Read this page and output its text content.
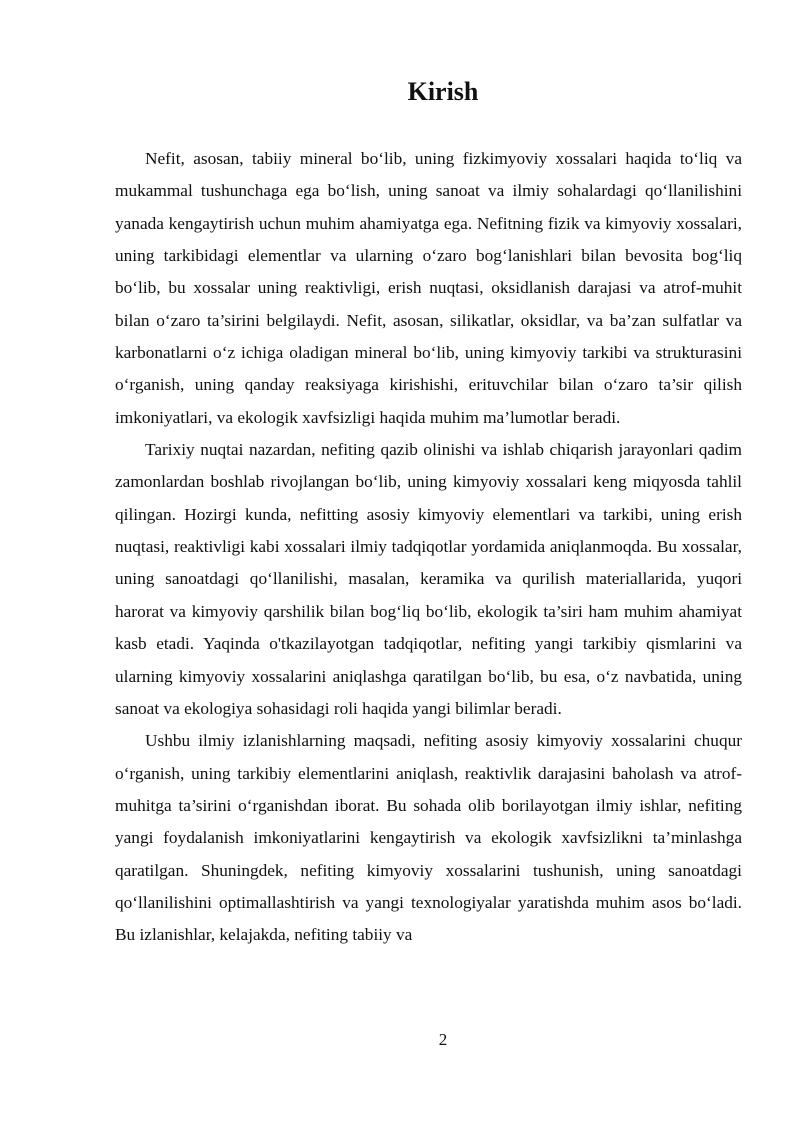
Kirish

Nefit, asosan, tabiiy mineral bo‘lib, uning fizkimyoviy xossalari haqida to‘liq va mukammal tushunchaga ega bo‘lish, uning sanoat va ilmiy sohalardagi qo‘llanilishini yanada kengaytirish uchun muhim ahamiyatga ega. Nefitning fizik va kimyoviy xossalari, uning tarkibidagi elementlar va ularning o‘zaro bog‘lanishlari bilan bevosita bog‘liq bo‘lib, bu xossalar uning reaktivligi, erish nuqtasi, oksidlanish darajasi va atrof-muhit bilan o‘zaro ta’sirini belgilaydi. Nefit, asosan, silikatlar, oksidlar, va ba’zan sulfatlar va karbonatlarni o‘z ichiga oladigan mineral bo‘lib, uning kimyoviy tarkibi va strukturasini o‘rganish, uning qanday reaksiyaga kirishishi, erituvchilar bilan o‘zaro ta’sir qilish imkoniyatlari, va ekologik xavfsizligi haqida muhim ma’lumotlar beradi.

Tarixiy nuqtai nazardan, nefiting qazib olinishi va ishlab chiqarish jarayonlari qadim zamonlardan boshlab rivojlangan bo‘lib, uning kimyoviy xossalari keng miqyosda tahlil qilingan. Hozirgi kunda, nefitting asosiy kimyoviy elementlari va tarkibi, uning erish nuqtasi, reaktivligi kabi xossalari ilmiy tadqiqotlar yordamida aniqlanmoqda. Bu xossalar, uning sanoatdagi qo‘llanilishi, masalan, keramika va qurilish materiallarida, yuqori harorat va kimyoviy qarshilik bilan bog‘liq bo‘lib, ekologik ta’siri ham muhim ahamiyat kasb etadi. Yaqinda o'tkazilayotgan tadqiqotlar, nefiting yangi tarkibiy qismlarini va ularning kimyoviy xossalarini aniqlashga qaratilgan bo‘lib, bu esa, o‘z navbatida, uning sanoat va ekologiya sohasidagi roli haqida yangi bilimlar beradi.

Ushbu ilmiy izlanishlarning maqsadi, nefiting asosiy kimyoviy xossalarini chuqur o‘rganish, uning tarkibiy elementlarini aniqlash, reaktivlik darajasini baholash va atrof-muhitga ta’sirini o‘rganishdan iborat. Bu sohada olib borilayotgan ilmiy ishlar, nefiting yangi foydalanish imkoniyatlarini kengaytirish va ekologik xavfsizlikni ta’minlashga qaratilgan. Shuningdek, nefiting kimyoviy xossalarini tushunish, uning sanoatdagi qo‘llanilishini optimallashtirish va yangi texnologiyalar yaratishda muhim asos bo‘ladi. Bu izlanishlar, kelajakda, nefiting tabiiy va

2
